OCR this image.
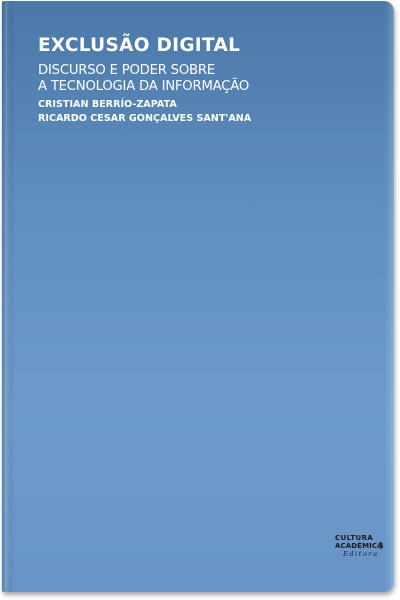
EXCLUSÃO DIGITAL
DISCURSO E PODER SOBRE
A TECNOLOGIA DA INFORMAÇÃO
CRISTIAN BERRÍO-ZAPATA
RICARDO CESAR GONÇALVES SANT'ANA
CULTURA
ACADÊMICA
Editora
